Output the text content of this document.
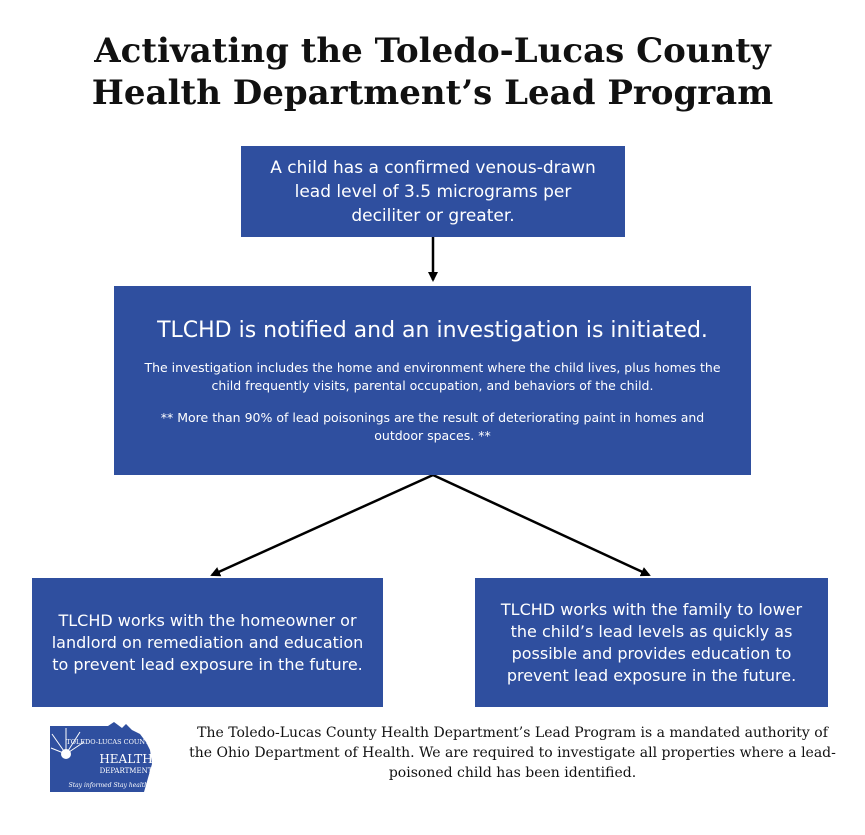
Activating the Toledo-Lucas County
Health Department’s Lead Program
A child has a confirmed venous-drawn lead level of 3.5 micrograms per deciliter or greater.
TLCHD is notified and an investigation is initiated.
The investigation includes the home and environment where the child lives, plus homes the child frequently visits, parental occupation, and behaviors of the child.
** More than 90% of lead poisonings are the result of deteriorating paint in homes and outdoor spaces. **
TLCHD works with the homeowner or landlord on remediation and education to prevent lead exposure in the future.
TLCHD works with the family to lower the child’s lead levels as quickly as possible and provides education to prevent lead exposure in the future.
TOLEDO-LUCAS COUNTY
HEALTH
DEPARTMENT
Stay informed Stay healthy
The Toledo-Lucas County Health Department’s Lead Program is a mandated authority of the Ohio Department of Health. We are required to investigate all properties where a lead-poisoned child has been identified.
